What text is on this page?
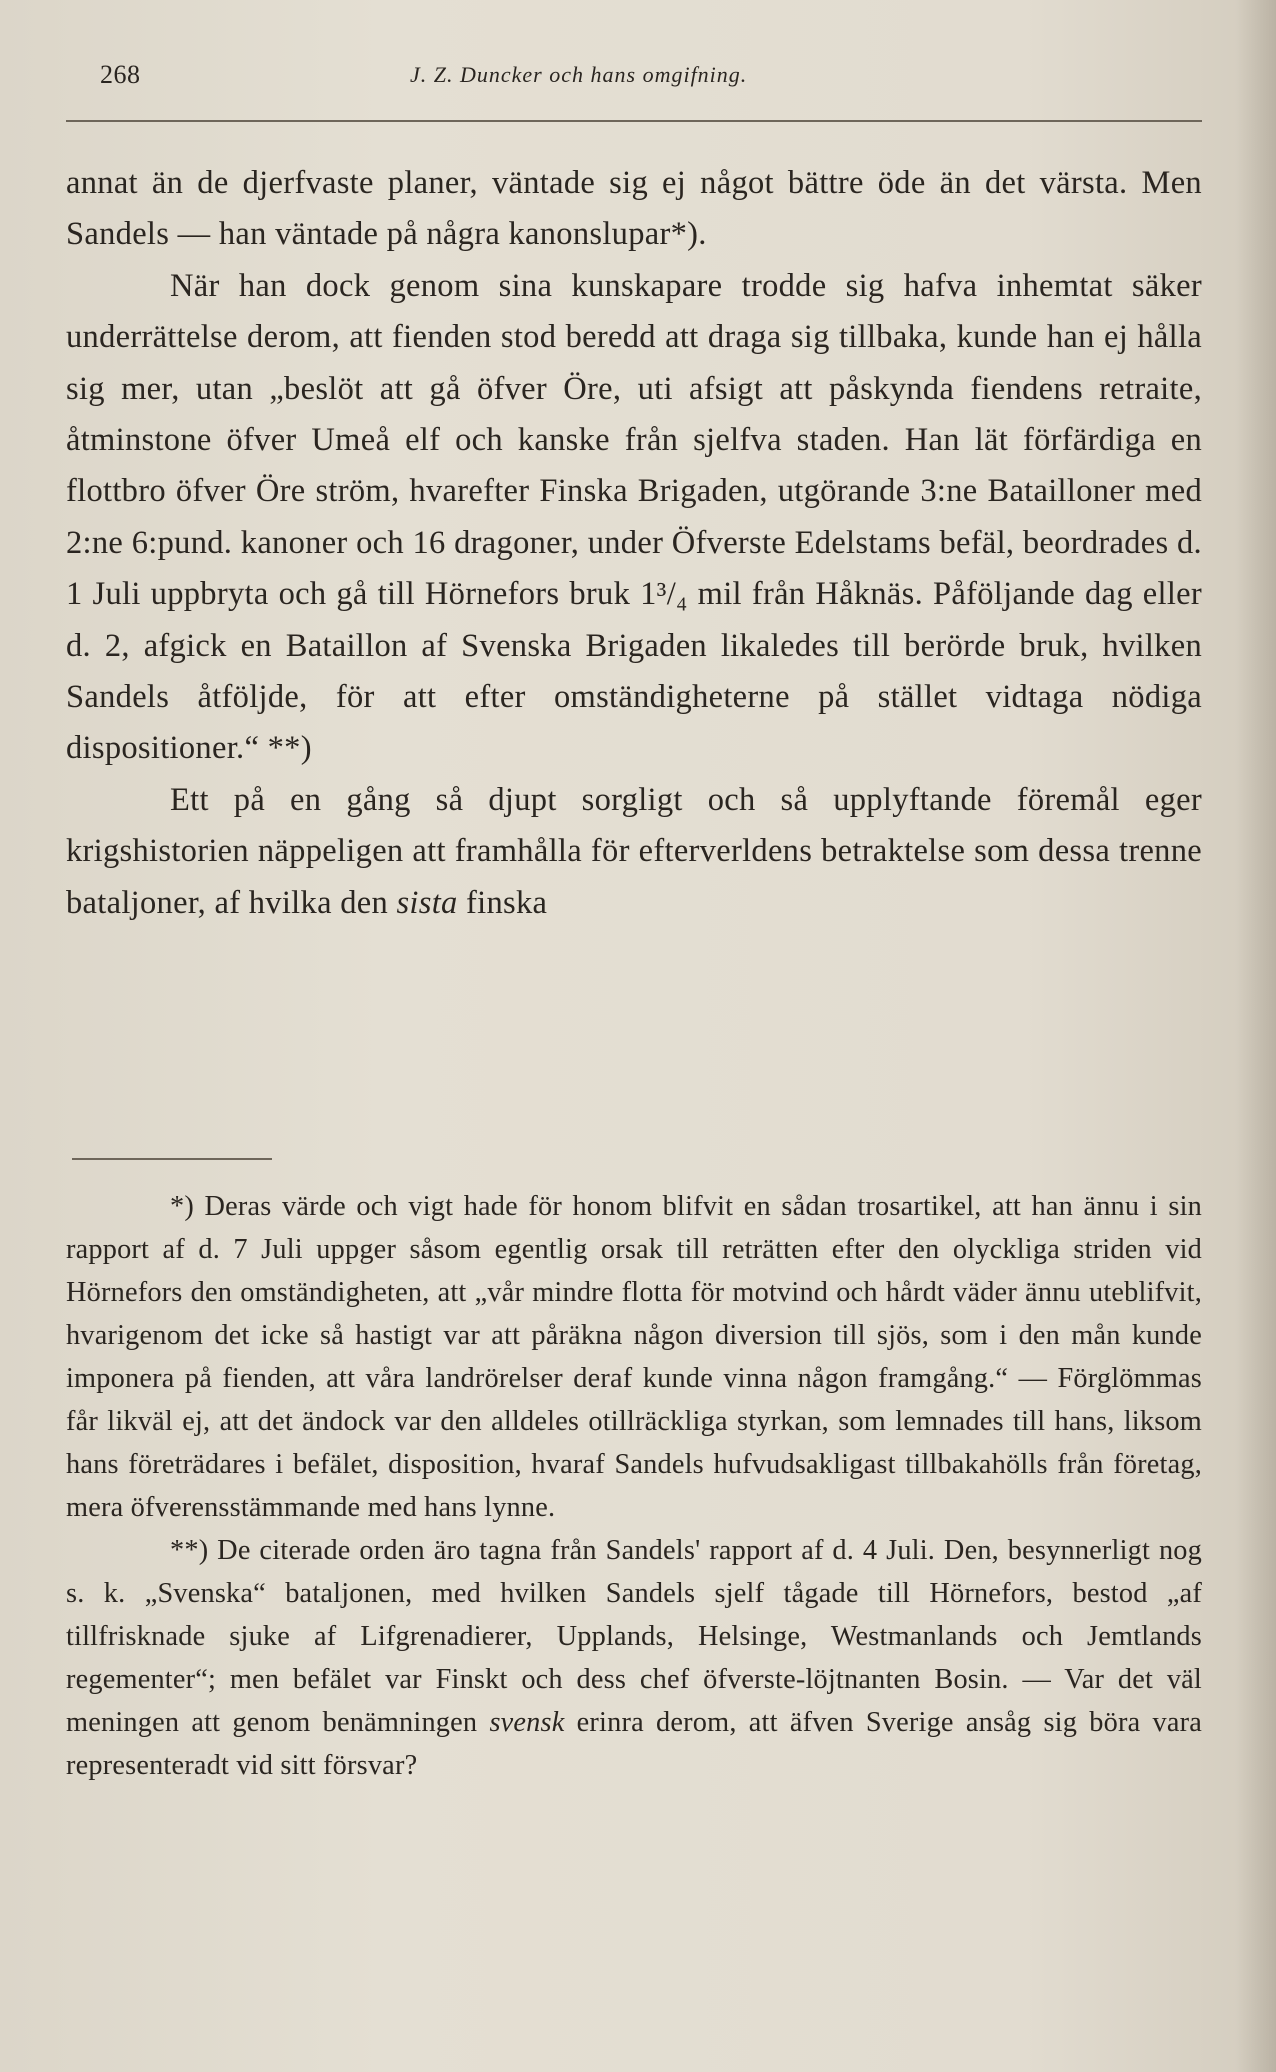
268	J. Z. Duncker och hans omgifning.

annat än de djerfvaste planer, väntade sig ej något bättre öde än det värsta. Men Sandels — han väntade på några kanonslupar*).

När han dock genom sina kunskapare trodde sig hafva inhemtat säker underrättelse derom, att fienden stod beredd att draga sig tillbaka, kunde han ej hålla sig mer, utan „beslöt att gå öfver Öre, uti afsigt att påskynda fiendens retraite, åtminstone öfver Umeå elf och kanske från sjelfva staden. Han lät förfärdiga en flottbro öfver Öre ström, hvarefter Finska Brigaden, utgörande 3:ne Batailloner med 2:ne 6:pund. kanoner och 16 dragoner, under Öfverste Edelstams befäl, beordrades d. 1 Juli uppbryta och gå till Hörnefors bruk 1³/₄ mil från Håknäs. Påföljande dag eller d. 2, afgick en Bataillon af Svenska Brigaden likaledes till berörde bruk, hvilken Sandels åtföljde, för att efter omständigheterne på stället vidtaga nödiga dispositioner.“ **)

Ett på en gång så djupt sorgligt och så upplyftande föremål eger krigshistorien näppeligen att framhålla för efterverldens betraktelse som dessa trenne bataljoner, af hvilka den sista finska

*) Deras värde och vigt hade för honom blifvit en sådan trosartikel, att han ännu i sin rapport af d. 7 Juli uppger såsom egentlig orsak till reträtten efter den olyckliga striden vid Hörnefors den omständigheten, att „vår mindre flotta för motvind och hårdt väder ännu uteblifvit, hvarigenom det icke så hastigt var att påräkna någon diversion till sjös, som i den mån kunde imponera på fienden, att våra landrörelser deraf kunde vinna någon framgång.“ — Förglömmas får likväl ej, att det ändock var den alldeles otillräckliga styrkan, som lemnades till hans, liksom hans företrädares i befälet, disposition, hvaraf Sandels hufvudsakligast tillbakahölls från företag, mera öfverensstämmande med hans lynne.

**) De citerade orden äro tagna från Sandels' rapport af d. 4 Juli. Den, besynnerligt nog s. k. „Svenska“ bataljonen, med hvilken Sandels sjelf tågade till Hörnefors, bestod „af tillfrisknade sjuke af Lifgrenadierer, Upplands, Helsinge, Westmanlands och Jemtlands regementer“; men befälet var Finskt och dess chef öfverste-löjtnanten Bosin. — Var det väl meningen att genom benämningen svensk erinra derom, att äfven Sverige ansåg sig böra vara representeradt vid sitt försvar?
